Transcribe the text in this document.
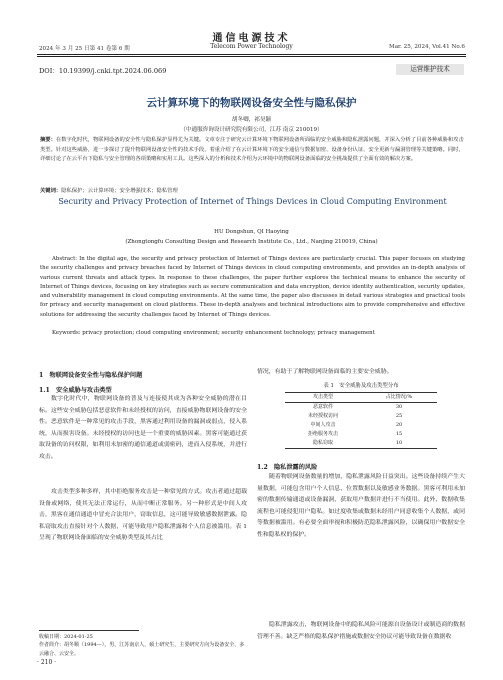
2024 年 3 月 25 日第 41 卷第 6 期
通信电源技术
Telecom Power Technology	Mar. 25, 2024, Vol.41 No.6
DOI：10.19399/j.cnki.tpt.2024.06.069	运营维护技术
云计算环境下的物联网设备安全性与隐私保护
胡冬卿，祁昊颖
（中通服咨询设计研究院有限公司，江苏 南京 210019）
摘要：在数字化时代，物联网设备的安全性与隐私保护显得尤为关键。文章专注于研究云计算环境下物联网设备所面临的安全威胁和隐私泄露问题，并深入分析了目前各种威胁和攻击类型。针对这些威胁，进一步探讨了提升物联网设备安全性的技术手段，着重介绍了在云计算环境下的安全通信与数据加密、设备身份认证、安全更新与漏洞管理等关键策略。同时，详细讨论了在云平台下隐私与安全管理的各项策略和实用工具。这些深入的分析和技术介绍为云环境中的物联网设备面临的安全挑战提供了全面有效的解决方案。
关键词：隐私保护；云计算环境；安全增强技术；隐私管理
Security and Privacy Protection of Internet of Things Devices in Cloud Computing Environment
HU Dongshun, QI Haoying
(Zhongtongfu Consulting Design and Research Institute Co., Ltd., Nanjing 210019, China)
Abstract: In the digital age, the security and privacy protection of Internet of Things devices are particularly crucial. This paper focuses on studying the security challenges and privacy breaches faced by Internet of Things devices in cloud computing environments, and provides an in-depth analysis of various current threats and attack types. In response to these challenges, the paper further explores the technical means to enhance the security of Internet of Things devices, focusing on key strategies such as secure communication and data encryption, device identity authentication, security updates, and vulnerability management in cloud computing environments. At the same time, the paper also discusses in detail various strategies and practical tools for privacy and security management on cloud platforms. These in-depth analyses and technical introductions aim to provide comprehensive and effective solutions for addressing the security challenges faced by Internet of Things devices.
Keywords: privacy protection; cloud computing environment; security enhancement technology; privacy management
1　物联网设备安全性与隐私保护问题
1.1　安全威胁与攻击类型
数字化时代中，物联网设备的普及与连接使其成为各种安全威胁的潜在目标。这些安全威胁包括恶意软件和未经授权的访问，直接威胁物联网设备的安全性。恶意软件是一种常见的攻击手段，黑客通过利用设备的漏洞或弱点，侵入系统，从而损害设备。未经授权的访问也是一个重要的威胁因素。黑客可能通过获取设备的访问权限，如利用未加密的通信通道或弱密码，进而入侵系统，并进行攻击。
攻击类型多种多样，其中拒绝服务攻击是一种常见的方式。攻击者通过超载设备或网络，使其无法正常运行，从而中断正常服务。另一种形式是中间人攻击，黑客在通信通道中冒充合法用户，窃取信息，这可能导致敏感数据泄露。隐私窃取攻击直接针对个人数据，可能导致用户隐私泄露和个人信息被滥用。表 1 呈现了物联网设备面临的安全威胁类型及其占比
收稿日期：2024-01-25
作者简介：胡冬顺（1994—），男，江苏南京人，硕士研究生，主要研究方向为设备安全、多云融合、云安全。
· 210 ·
情况，有助于了解物联网设备面临的主要安全威胁。
表 1　安全威胁及攻击类型分布
攻击类型	占比情况/%
恶意软件	30
未经授权访问	25
中间人攻击	20
拒绝服务攻击	15
隐私窃取	10
1.2　隐私泄露的风险
随着物联网设备数量的增加，隐私泄露风险日益突出。这些设备持续产生大量数据，可能包含用户个人信息、位置数据以及敏感业务数据。黑客可利用未加密的数据传输通道或设备漏洞，获取用户数据并进行不当使用。此外，数据收集流程也可能侵犯用户隐私。如过度收集或数据未经用户同意收集个人数据，或同等数据被滥用。有必要全面审视和积极防范隐私泄露风险，以确保用户数据安全性和隐私权的保护。
隐私泄露攻击，物联网设备中的隐私风险可能源自设备设计或制造商的数据管理不善。缺乏严格的隐私保护措施或数据安全协议可能导致设备在数据收
